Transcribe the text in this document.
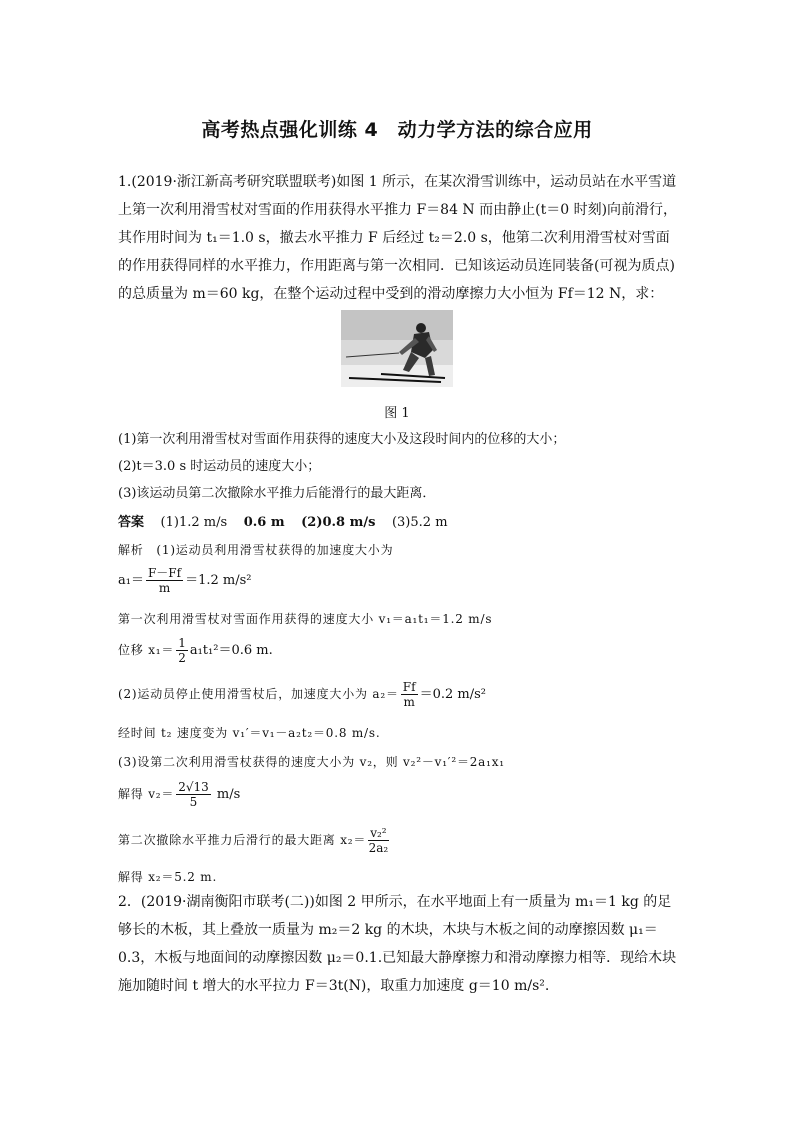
高考热点强化训练 4　动力学方法的综合应用
1.(2019·浙江新高考研究联盟联考)如图 1 所示，在某次滑雪训练中，运动员站在水平雪道上第一次利用滑雪杖对雪面的作用获得水平推力 F＝84 N 而由静止(t＝0 时刻)向前滑行，其作用时间为 t₁＝1.0 s，撤去水平推力 F 后经过 t₂＝2.0 s，他第二次利用滑雪杖对雪面的作用获得同样的水平推力，作用距离与第一次相同．已知该运动员连同装备(可视为质点)的总质量为 m＝60 kg，在整个运动过程中受到的滑动摩擦力大小恒为 Ff＝12 N，求：
图 1
(1)第一次利用滑雪杖对雪面作用获得的速度大小及这段时间内的位移的大小；
(2)t＝3.0 s 时运动员的速度大小；
(3)该运动员第二次撤除水平推力后能滑行的最大距离．
答案 (1)1.2 m/s 0.6 m (2)0.8 m/s (3)5.2 m
解析　(1)运动员利用滑雪杖获得的加速度大小为
$a_1= \frac{F-Ff}{m} =1.2$ m/s²
第一次利用滑雪杖对雪面作用获得的速度大小 v₁＝a₁t₁＝1.2 m/s
位移 $x_1= \frac{1}{2} a_1t_1^2=0.6$ m.
(2)运动员停止使用滑雪杖后，加速度大小为 $a_2= \frac{Ff}{m} =0.2$ m/s²
经时间 t₂ 速度变为 v₁′＝v₁－a₂t₂＝0.8 m/s.
(3)设第二次利用滑雪杖获得的速度大小为 v₂，则 v₂²－v₁′²＝2a₁x₁
解得 $v_2= \frac{2√13}{5} m/s$
第二次撤除水平推力后滑行的最大距离 $x_2= \frac{\text{v₂²}}{\text{2a₂}}$
解得 x₂＝5.2 m.
2．(2019·湖南衡阳市联考(二))如图 2 甲所示，在水平地面上有一质量为 m₁＝1 kg 的足够长的木板，其上叠放一质量为 m₂＝2 kg 的木块，木块与木板之间的动摩擦因数 μ₁＝0.3，木板与地面间的动摩擦因数 μ₂＝0.1.已知最大静摩擦力和滑动摩擦力相等．现给木块施加随时间 t 增大的水平拉力 F＝3t(N)，取重力加速度 g＝10 m/s².
